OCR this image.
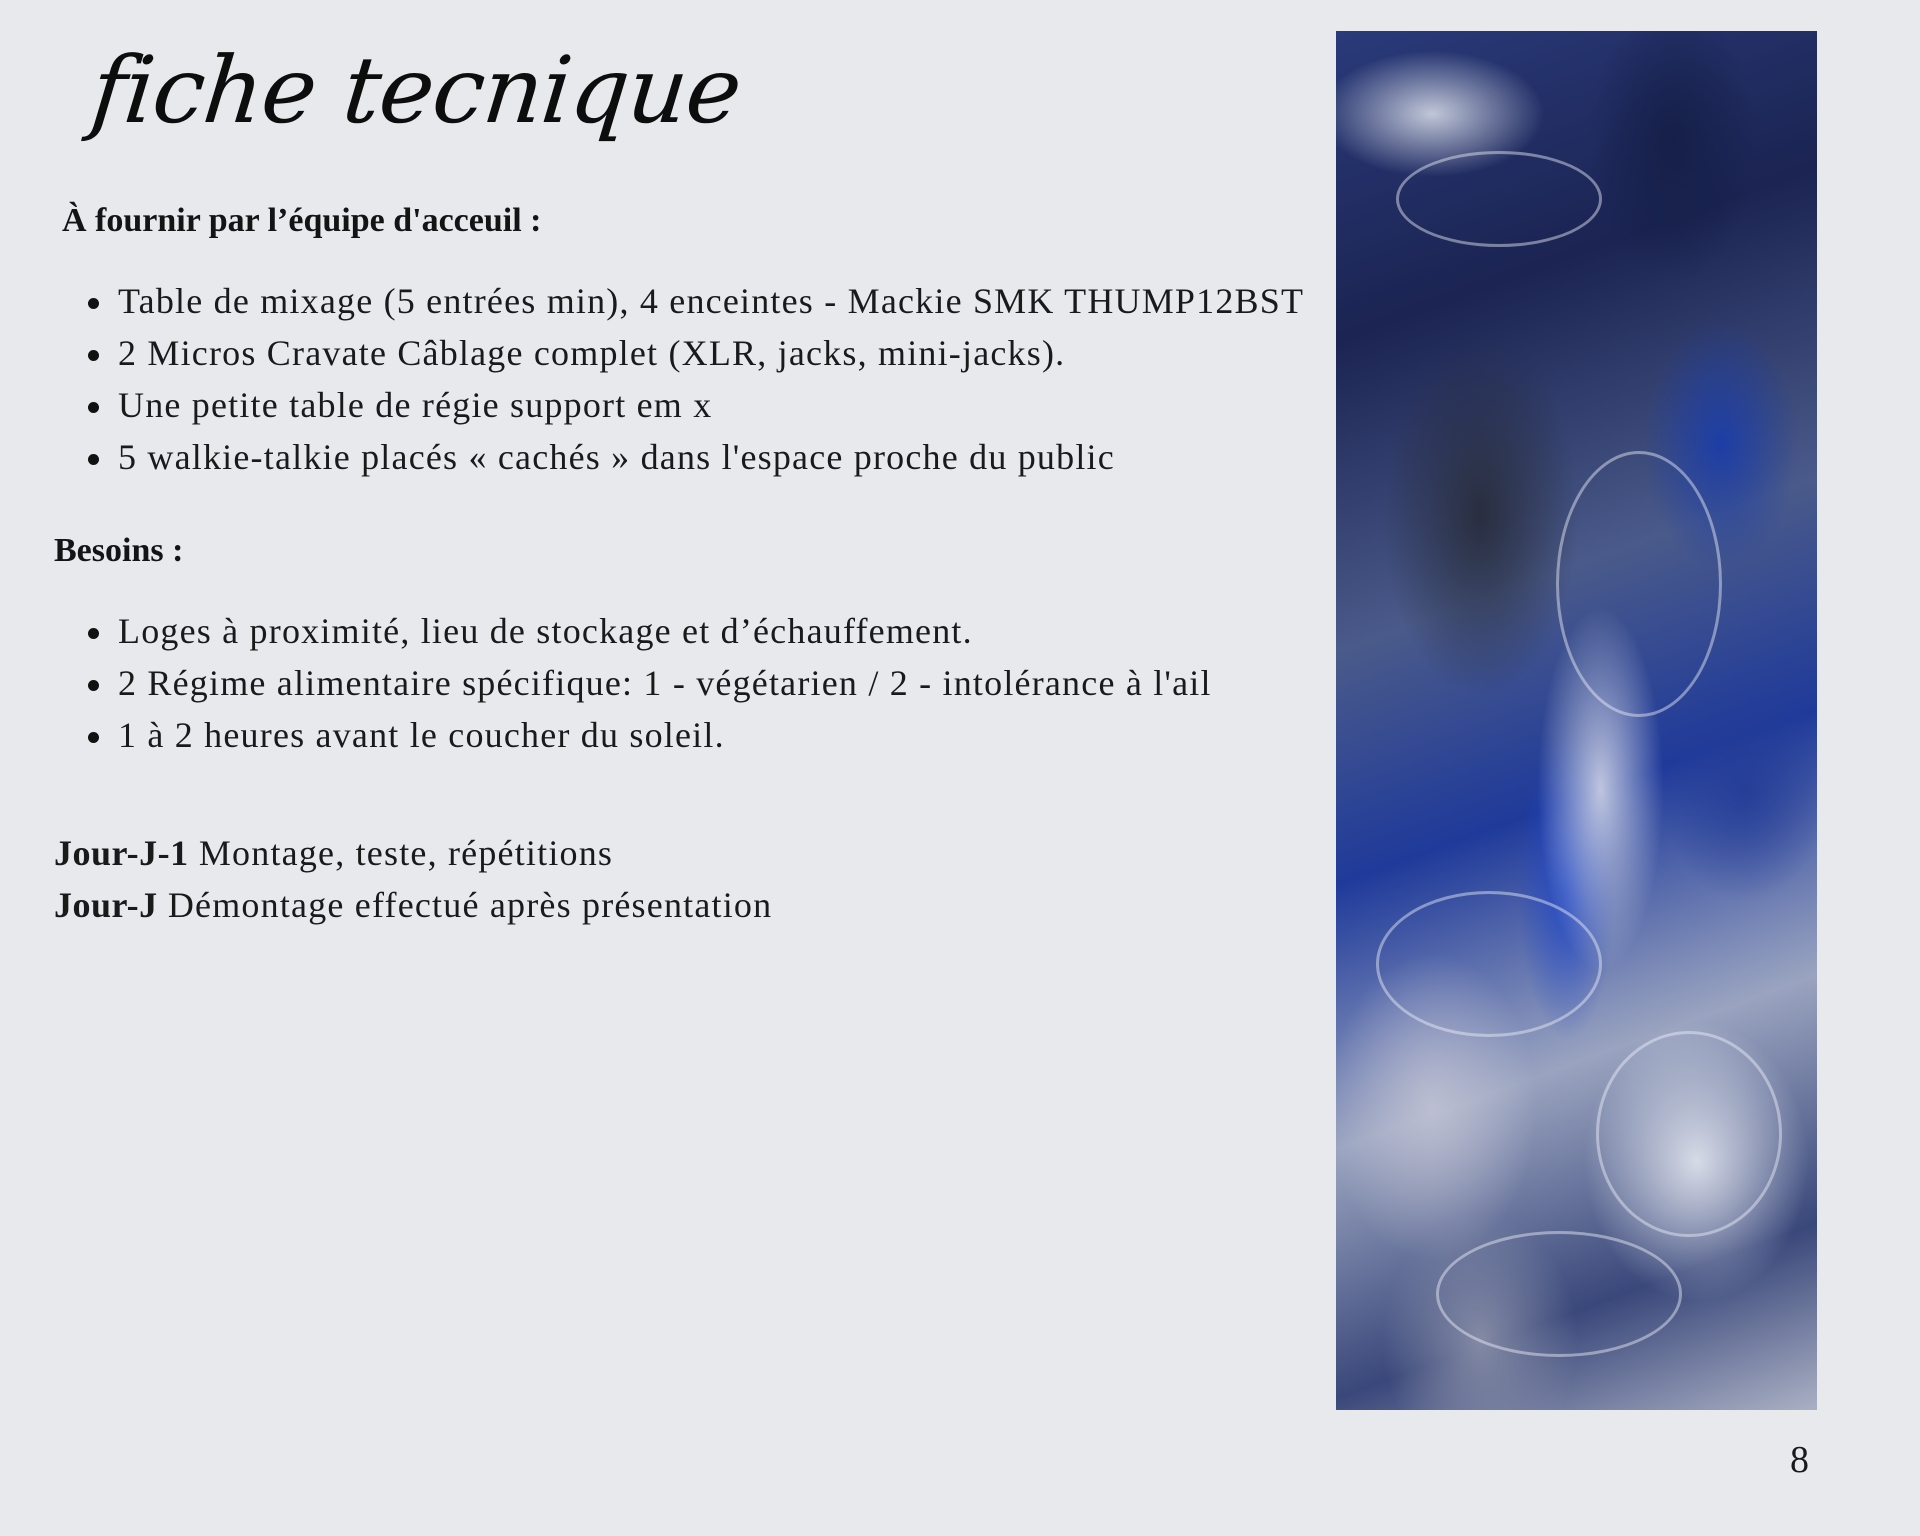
fiche tecnique
À fournir par l’équipe d'acceuil :
Table de mixage (5 entrées min), 4 enceintes - Mackie SMK THUMP12BST
2 Micros Cravate Câblage complet (XLR, jacks, mini-jacks).
Une petite table de régie support em x
5 walkie-talkie placés « cachés » dans l'espace proche du public
Besoins :
Loges à proximité, lieu de stockage et d’échauffement.
2 Régime alimentaire spécifique: 1 - végétarien / 2 - intolérance à l'ail
1 à 2 heures avant le coucher du soleil.
Jour-J-1 Montage, teste, répétitions
Jour-J Démontage effectué après présentation
8
